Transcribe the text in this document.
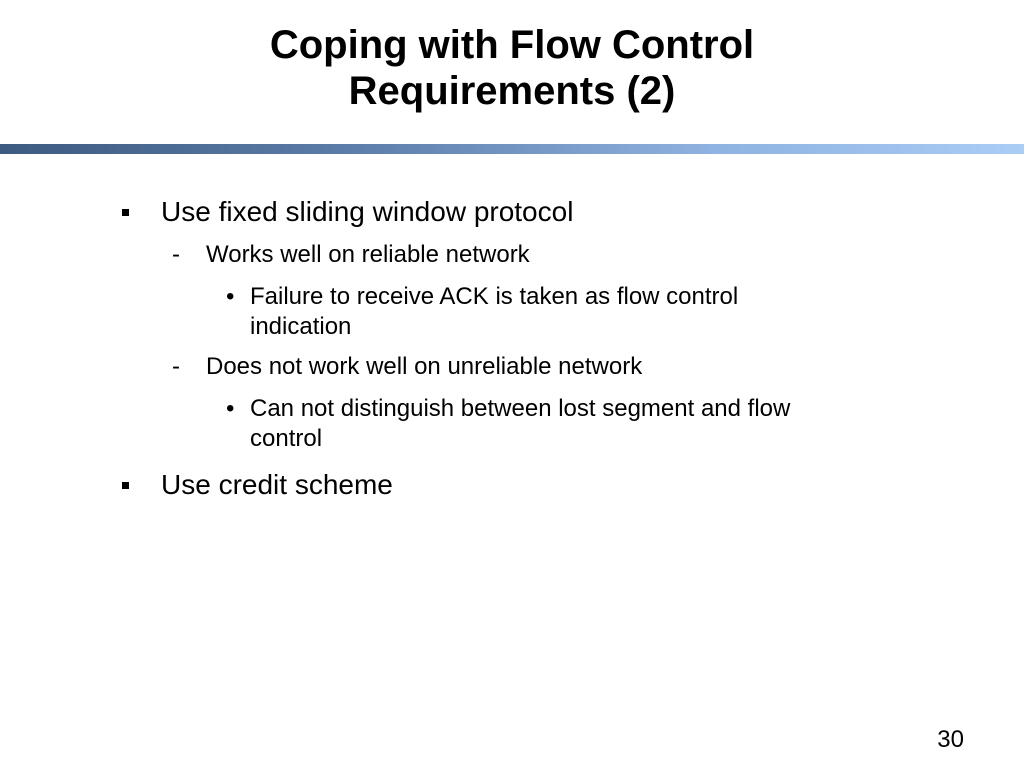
Coping with Flow Control
Requirements (2)
Use fixed sliding window protocol
- Works well on reliable network
• Failure to receive ACK is taken as flow control
indication
- Does not work well on unreliable network
• Can not distinguish between lost segment and flow
control
Use credit scheme
30
